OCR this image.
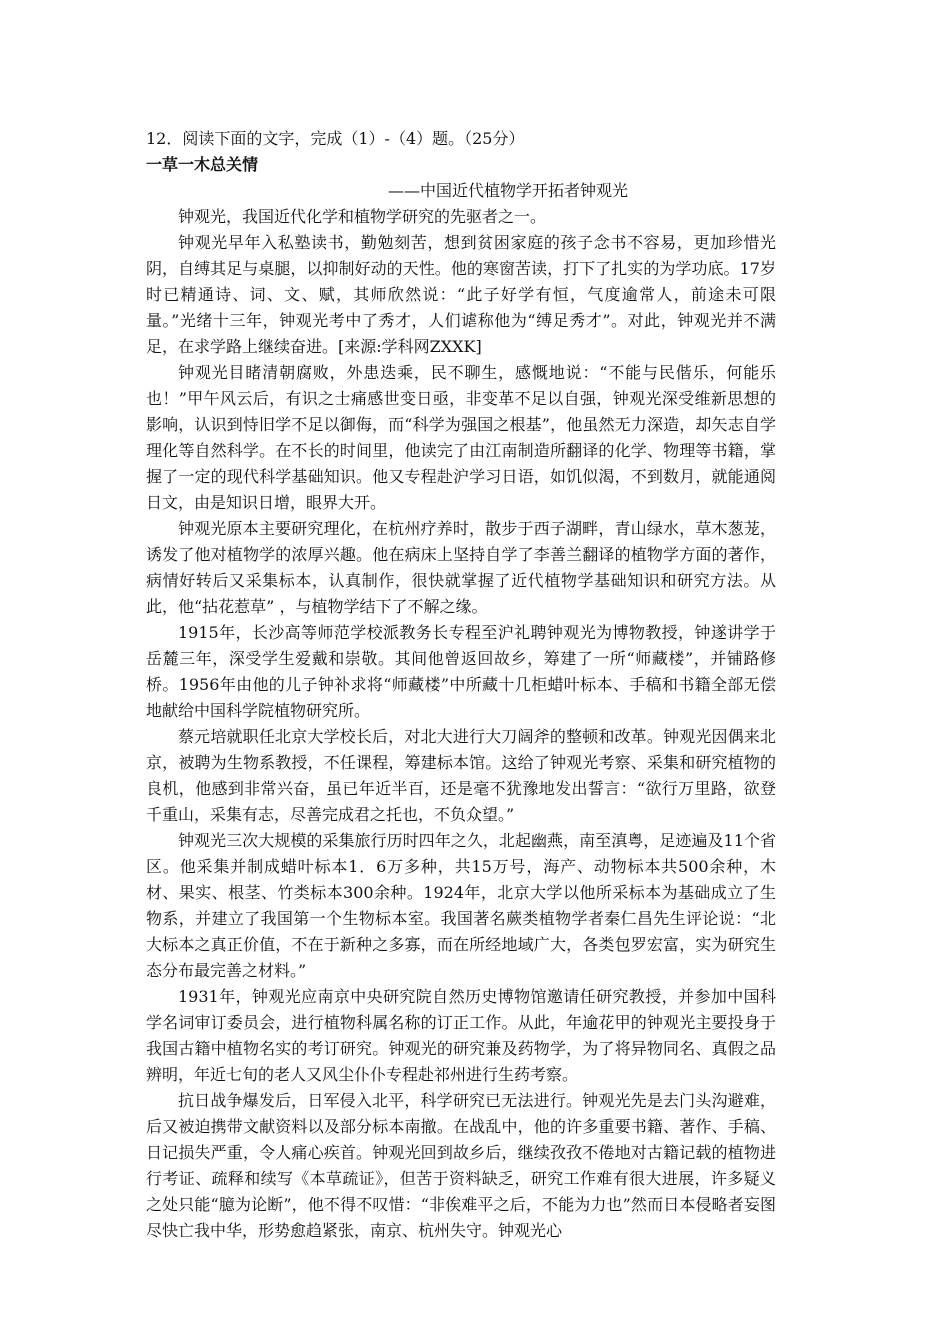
12．阅读下面的文字，完成（1）-（4）题。（25分）

一草一木总关情

——中国近代植物学开拓者钟观光

钟观光，我国近代化学和植物学研究的先驱者之一。

钟观光早年入私塾读书，勤勉刻苦，想到贫困家庭的孩子念书不容易，更加珍惜光阴，自缚其足与桌腿，以抑制好动的天性。他的寒窗苦读，打下了扎实的为学功底。17岁时已精通诗、词、文、赋，其师欣然说：“此子好学有恒，气度逾常人，前途未可限量。”光绪十三年，钟观光考中了秀才，人们谑称他为“缚足秀才”。对此，钟观光并不满足，在求学路上继续奋进。[来源:学科网ZXXK]

钟观光目睹清朝腐败，外患迭乘，民不聊生，感慨地说：“不能与民偕乐，何能乐也！”甲午风云后，有识之士痛感世变日亟，非变革不足以自强，钟观光深受维新思想的影响，认识到恃旧学不足以御侮，而“科学为强国之根基”，他虽然无力深造，却矢志自学理化等自然科学。在不长的时间里，他读完了由江南制造所翻译的化学、物理等书籍，掌握了一定的现代科学基础知识。他又专程赴沪学习日语，如饥似渴，不到数月，就能通阅日文，由是知识日增，眼界大开。

钟观光原本主要研究理化，在杭州疗养时，散步于西子湖畔，青山绿水，草木葱茏，诱发了他对植物学的浓厚兴趣。他在病床上坚持自学了李善兰翻译的植物学方面的著作，病情好转后又采集标本，认真制作，很快就掌握了近代植物学基础知识和研究方法。从此，他“拈花惹草” ，与植物学结下了不解之缘。

1915年，长沙高等师范学校派教务长专程至沪礼聘钟观光为博物教授，钟遂讲学于岳麓三年，深受学生爱戴和崇敬。其间他曾返回故乡，筹建了一所“师藏楼”，并铺路修桥。1956年由他的儿子钟补求将“师藏楼”中所藏十几柜蜡叶标本、手稿和书籍全部无偿地献给中国科学院植物研究所。

蔡元培就职任北京大学校长后，对北大进行大刀阔斧的整顿和改革。钟观光因偶来北京，被聘为生物系教授，不任课程，筹建标本馆。这给了钟观光考察、采集和研究植物的良机，他感到非常兴奋，虽已年近半百，还是毫不犹豫地发出誓言：“欲行万里路，欲登千重山，采集有志，尽善完成君之托也，不负众望。”

钟观光三次大规模的采集旅行历时四年之久，北起幽燕，南至滇粤，足迹遍及11个省区。他采集并制成蜡叶标本1．6万多种，共15万号，海产、动物标本共500余种，木材、果实、根茎、竹类标本300余种。1924年，北京大学以他所采标本为基础成立了生物系，并建立了我国第一个生物标本室。我国著名蕨类植物学者秦仁昌先生评论说：“北大标本之真正价值，不在于新种之多寡，而在所经地域广大，各类包罗宏富，实为研究生态分布最完善之材料。”

1931年，钟观光应南京中央研究院自然历史博物馆邀请任研究教授，并参加中国科学名词审订委员会，进行植物科属名称的订正工作。从此，年逾花甲的钟观光主要投身于我国古籍中植物名实的考订研究。钟观光的研究兼及药物学，为了将异物同名、真假之品辨明，年近七旬的老人又风尘仆仆专程赴祁州进行生药考察。

抗日战争爆发后，日军侵入北平，科学研究已无法进行。钟观光先是去门头沟避难，后又被迫携带文献资料以及部分标本南撤。在战乱中，他的许多重要书籍、著作、手稿、日记损失严重，令人痛心疾首。钟观光回到故乡后，继续孜孜不倦地对古籍记载的植物进行考证、疏释和续写《本草疏证》，但苦于资料缺乏，研究工作难有很大进展，许多疑义之处只能“臆为论断”，他不得不叹惜：“非俟难平之后，不能为力也”然而日本侵略者妄图尽快亡我中华，形势愈趋紧张，南京、杭州失守。钟观光心
